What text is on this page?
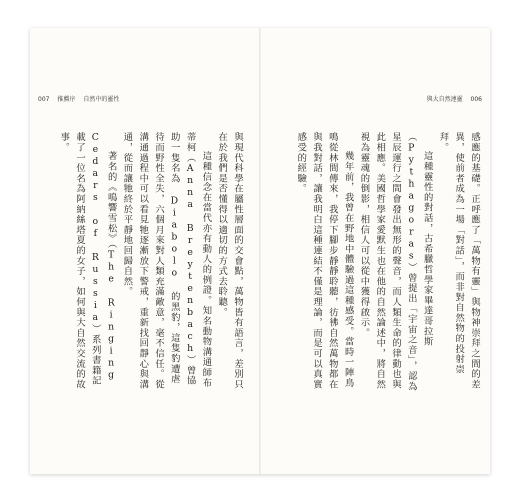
007 推薦序 自然中的靈性

與現代科學在屬性層面的交會點，萬物皆有語言，差別只在於我們是否懂得以適切的方式去聆聽。

這種信念在當代亦有動人的例證。知名動物溝通師布蒂柯（Anna Breytenbach）曾協助一隻名為 Diabolo 的黑豹，這隻豹遭虐待而野性全失，六個月來對人類充滿敵意，毫不信任。從溝通過程中可以看見牠逐漸放下警戒，重新找回靜心與溝通，從而讓牠終於平靜地回歸自然。

著名的《鳴響雪松》（The Ringing Cedars of Russia）系列書籍記載了一位名為阿納絲塔夏的女子，如何與大自然交流的故事。

與大自然連靈 006

感應的基礎。正呼應了「萬物有靈」與物神崇拜之間的差異，使前者成為一場「對話」，而非對自然物的投射崇拜。

這種靈性的對話，古希臘哲學家畢達哥拉斯（Pythagoras）曾提出「宇宙之音」，認為星辰運行之間會發出無形的聲音，而人類生命的律動也與此相應。美國哲學家愛默生也在他的自然論述中，將自然視為靈魂的倒影，相信人可以從中獲得啟示。

幾年前，我曾在野地中體驗過這種感受。當時一陣鳥鳴從林間傳來，我停下腳步靜靜聆聽，彷彿自然萬物都在與我對話，讓我明白這種連結不僅是理論，而是可以真實感受的經驗。
